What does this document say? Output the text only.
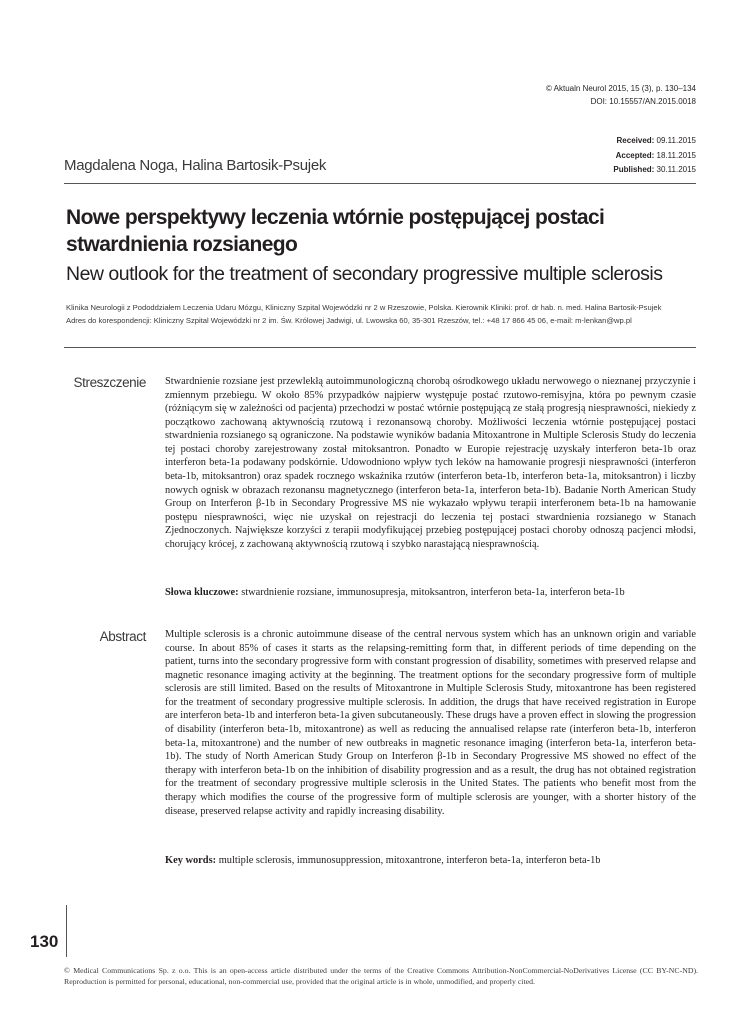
© Aktualn Neurol 2015, 15 (3), p. 130–134
DOI: 10.15557/AN.2015.0018
Received: 09.11.2015
Accepted: 18.11.2015
Published: 30.11.2015
Magdalena Noga, Halina Bartosik-Psujek
Nowe perspektywy leczenia wtórnie postępującej postaci
stwardnienia rozsianego
New outlook for the treatment of secondary progressive multiple sclerosis
Klinika Neurologii z Pododdziałem Leczenia Udaru Mózgu, Kliniczny Szpital Wojewódzki nr 2 w Rzeszowie, Polska. Kierownik Kliniki: prof. dr hab. n. med. Halina Bartosik-Psujek
Adres do korespondencji: Kliniczny Szpital Wojewódzki nr 2 im. Św. Królowej Jadwigi, ul. Lwowska 60, 35-301 Rzeszów, tel.: +48 17 866 45 06, e-mail: m-lenkan@wp.pl
Streszczenie Stwardnienie rozsiane jest przewlekłą autoimmunologiczną chorobą ośrodkowego układu nerwowego o nieznanej przyczynie i zmiennym przebiegu. W około 85% przypadków najpierw występuje postać rzutowo-remisyjna, która po pewnym czasie (różniącym się w zależności od pacjenta) przechodzi w postać wtórnie postępującą ze stałą progresją niesprawności, niekiedy z początkowo zachowaną aktywnością rzutową i rezonansową choroby. Możliwości leczenia wtórnie postępującej postaci stwardnienia rozsianego są ograniczone. Na podstawie wyników badania Mitoxantrone in Multiple Sclerosis Study do leczenia tej postaci choroby zarejestrowany został mitoksantron. Ponadto w Europie rejestrację uzyskały interferon beta-1b oraz interferon beta-1a podawany podskórnie. Udowodniono wpływ tych leków na hamowanie progresji niesprawności (interferon beta-1b, mitoksantron) oraz spadek rocznego wskaźnika rzutów (interferon beta-1b, interferon beta-1a, mitoksantron) i liczby nowych ognisk w obrazach rezonansu magnetycznego (interferon beta-1a, interferon beta-1b). Badanie North American Study Group on Interferon β-1b in Secondary Progressive MS nie wykazało wpływu terapii interferonem beta-1b na hamowanie postępu niesprawności, więc nie uzyskał on rejestracji do leczenia tej postaci stwardnienia rozsianego w Stanach Zjednoczonych. Największe korzyści z terapii modyfikującej przebieg postępującej postaci choroby odnoszą pacjenci młodsi, chorujący krócej, z zachowaną aktywnością rzutową i szybko narastającą niesprawnością.
Słowa kluczowe: stwardnienie rozsiane, immunosupresja, mitoksantron, interferon beta-1a, interferon beta-1b
Abstract Multiple sclerosis is a chronic autoimmune disease of the central nervous system which has an unknown origin and variable course. In about 85% of cases it starts as the relapsing-remitting form that, in different periods of time depending on the patient, turns into the secondary progressive form with constant progression of disability, sometimes with preserved relapse and magnetic resonance imaging activity at the beginning. The treatment options for the secondary progressive form of multiple sclerosis are still limited. Based on the results of Mitoxantrone in Multiple Sclerosis Study, mitoxantrone has been registered for the treatment of secondary progressive multiple sclerosis. In addition, the drugs that have received registration in Europe are interferon beta-1b and interferon beta-1a given subcutaneously. These drugs have a proven effect in slowing the progression of disability (interferon beta-1b, mitoxantrone) as well as reducing the annualised relapse rate (interferon beta-1b, interferon beta-1a, mitoxantrone) and the number of new outbreaks in magnetic resonance imaging (interferon beta-1a, interferon beta-1b). The study of North American Study Group on Interferon β-1b in Secondary Progressive MS showed no effect of the therapy with interferon beta-1b on the inhibition of disability progression and as a result, the drug has not obtained registration for the treatment of secondary progressive multiple sclerosis in the United States. The patients who benefit most from the therapy which modifies the course of the progressive form of multiple sclerosis are younger, with a shorter history of the disease, preserved relapse activity and rapidly increasing disability.
Key words: multiple sclerosis, immunosuppression, mitoxantrone, interferon beta-1a, interferon beta-1b
130
© Medical Communications Sp. z o.o. This is an open-access article distributed under the terms of the Creative Commons Attribution-NonCommercial-NoDerivatives License (CC BY-NC-ND). Reproduction is permitted for personal, educational, non-commercial use, provided that the original article is in whole, unmodified, and properly cited.
